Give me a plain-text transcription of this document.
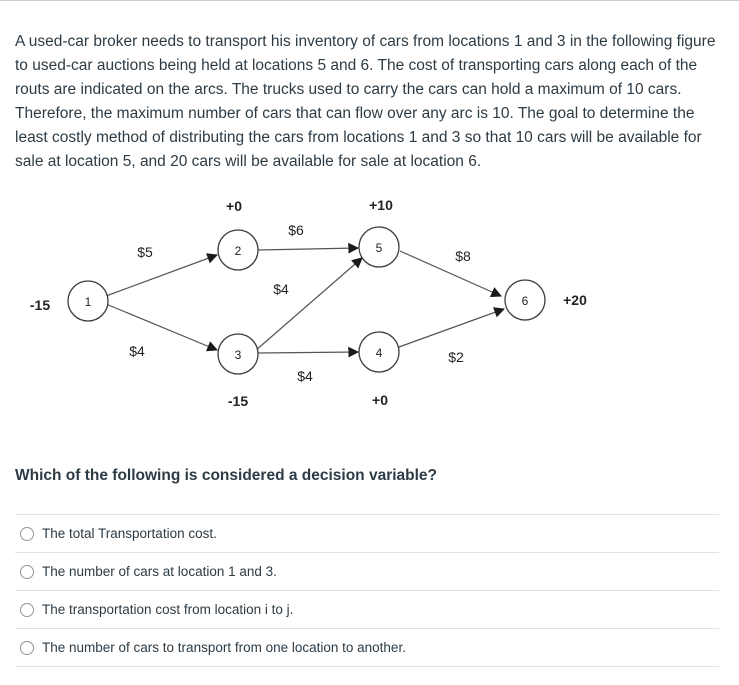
A used-car broker needs to transport his inventory of cars from locations 1 and 3 in the following figure to used-car auctions being held at locations 5 and 6. The cost of transporting cars along each of the routs are indicated on the arcs. The trucks used to carry the cars can hold a maximum of 10 cars. Therefore, the maximum number of cars that can flow over any arc is 10. The goal to determine the least costly method of distributing the cars from locations 1 and 3 so that 10 cars will be available for sale at location 5, and 20 cars will be available for sale at location 6.
$5
$4
$6
$4
$4
$8
$2
1
2
3	4
5
6
-15
+0
-15	+0
+10
+20
Which of the following is considered a decision variable?
The total Transportation cost.
The number of cars at location 1 and 3.
The transportation cost from location i to j.
The number of cars to transport from one location to another.
